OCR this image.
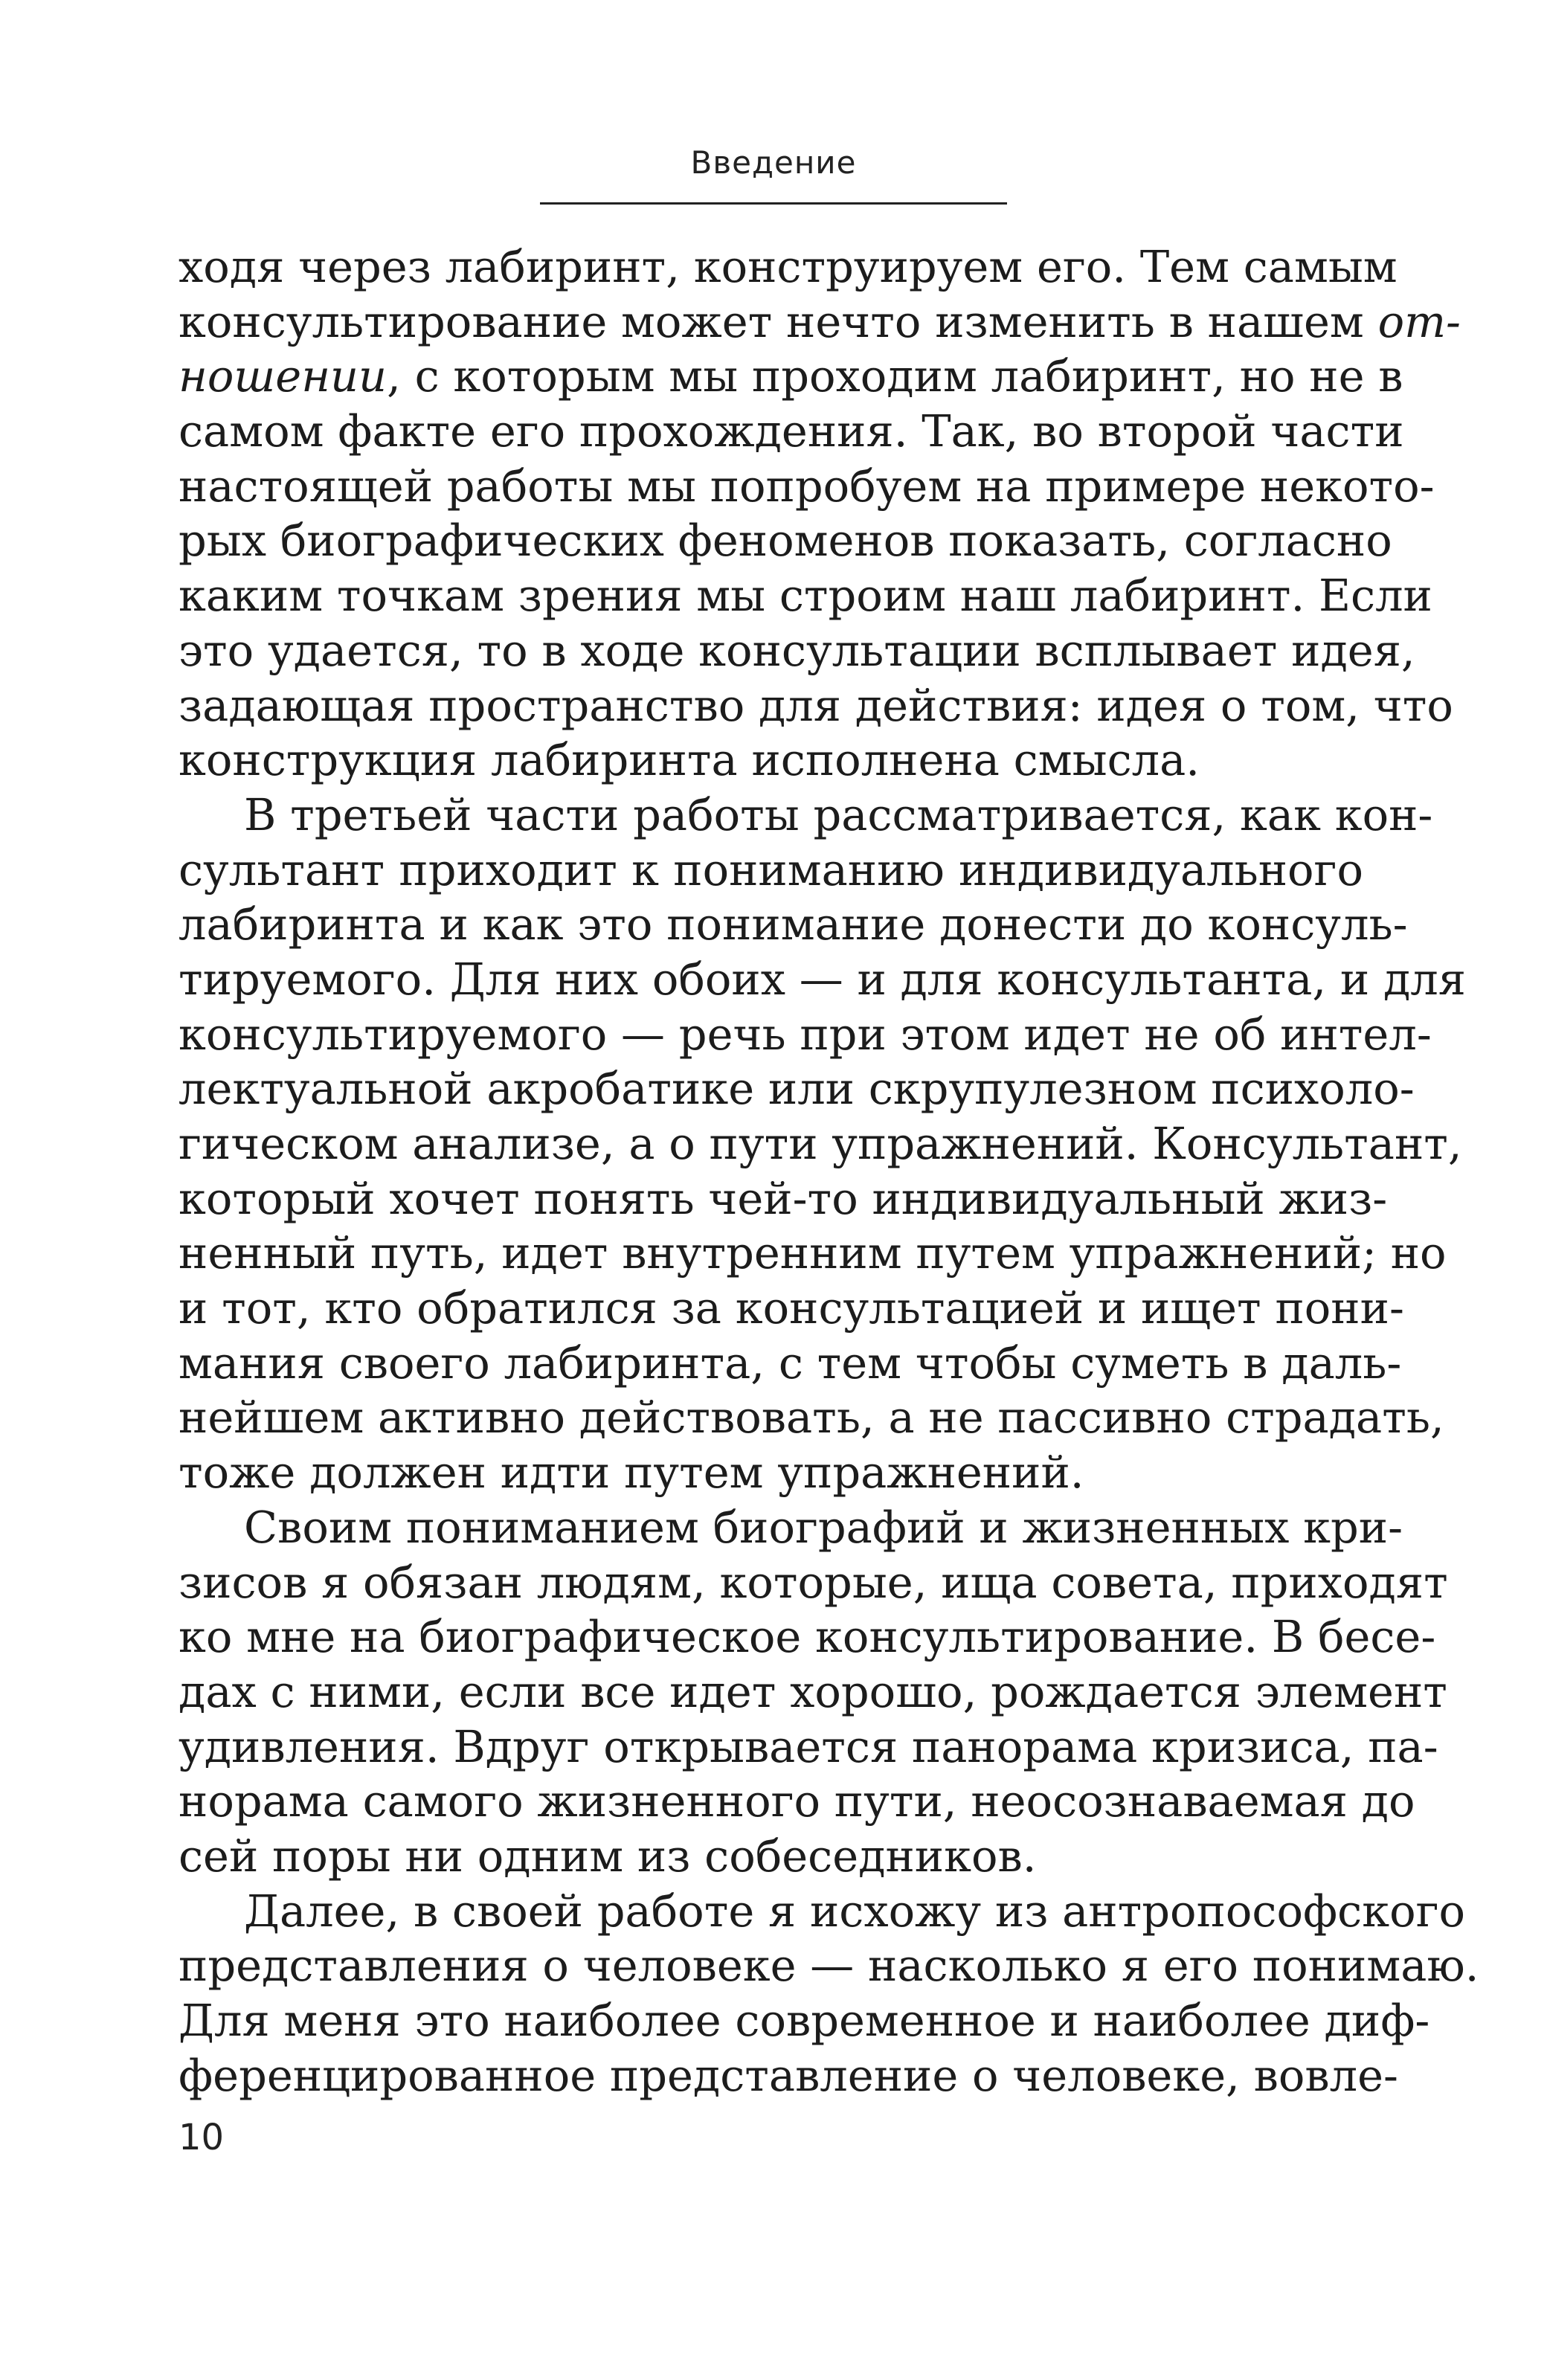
Введение
ходя через лабиринт, конструируем его. Тем самым
консультирование может нечто изменить в нашем от-
ношении, с которым мы проходим лабиринт, но не в
самом факте его прохождения. Так, во второй части
настоящей работы мы попробуем на примере некото-
рых биографических феноменов показать, согласно
каким точкам зрения мы строим наш лабиринт. Если
это удается, то в ходе консультации всплывает идея,
задающая пространство для действия: идея о том, что
конструкция лабиринта исполнена смысла.
В третьей части работы рассматривается, как кон-
сультант приходит к пониманию индивидуального
лабиринта и как это понимание донести до консуль-
тируемого. Для них обоих — и для консультанта, и для
консультируемого — речь при этом идет не об интел-
лектуальной акробатике или скрупулезном психоло-
гическом анализе, а о пути упражнений. Консультант,
который хочет понять чей-то индивидуальный жиз-
ненный путь, идет внутренним путем упражнений; но
и тот, кто обратился за консультацией и ищет пони-
мания своего лабиринта, с тем чтобы суметь в даль-
нейшем активно действовать, а не пассивно страдать,
тоже должен идти путем упражнений.
Своим пониманием биографий и жизненных кри-
зисов я обязан людям, которые, ища совета, приходят
ко мне на биографическое консультирование. В бесе-
дах с ними, если все идет хорошо, рождается элемент
удивления. Вдруг открывается панорама кризиса, па-
норама самого жизненного пути, неосознаваемая до
сей поры ни одним из собеседников.
Далее, в своей работе я исхожу из антропософского
представления о человеке — насколько я его понимаю.
Для меня это наиболее современное и наиболее диф-
ференцированное представление о человеке, вовле-
10
